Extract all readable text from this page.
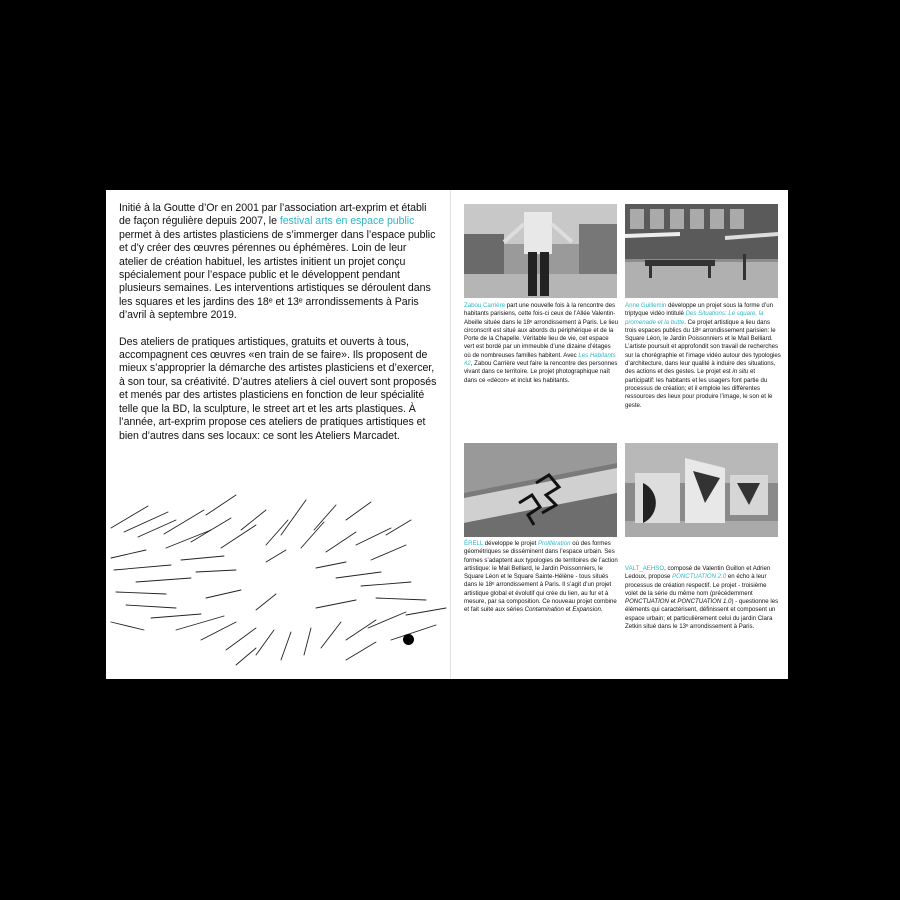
Initié à la Goutte d’Or en 2001 par l’association art-exprim et établi de façon régulière depuis 2007, le festival arts en espace public permet à des artistes plasticiens de s’immerger dans l’espace public et d’y créer des œuvres pérennes ou éphémères. Loin de leur atelier de création habituel, les artistes initient un projet conçu spécialement pour l’espace public et le développent pendant plusieurs semaines. Les interventions artistiques se déroulent dans les squares et les jardins des 18ᵉ et 13ᵉ arrondissements à Paris d’avril à septembre 2019.

Des ateliers de pratiques artistiques, gratuits et ouverts à tous, accompagnent ces œuvres «en train de se faire». Ils proposent de mieux s’approprier la démarche des artistes plasticiens et d’exercer, à son tour, sa créativité. D’autres ateliers à ciel ouvert sont proposés et menés par des artistes plasticiens en fonction de leur spécialité telle que la BD, la sculpture, le street art et les arts plastiques. À l’année, art-exprim propose ces ateliers de pratiques artistiques et bien d’autres dans ses locaux: ce sont les Ateliers Marcadet.

Zabou Carrière part une nouvelle fois à la rencontre des habitants parisiens, cette fois-ci ceux de l’Allée Valentin-Abeille située dans le 18ᵉ arrondissement à Paris. Le lieu circonscrit est situé aux abords du périphérique et de la Porte de la Chapelle. Véritable lieu de vie, cet espace vert est bordé par un immeuble d’une dizaine d’étages où de nombreuses familles habitent. Avec Les Habitants #2, Zabou Carrière veut faire la rencontre des personnes vivant dans ce territoire. Le projet photographique naît dans ce «décor» et inclut les habitants.

Anne Guillemin développe un projet sous la forme d’un triptyque vidéo intitulé Des Situations: Le square, la promenade et la butte. Ce projet artistique a lieu dans trois espaces publics du 18ᵉ arrondissement parisien: le Square Léon, le Jardin Poissonniers et le Mail Belliard. L’artiste poursuit et approfondit son travail de recherches sur la chorégraphie et l’image vidéo autour des typologies d’architecture, dans leur qualité à induire des situations, des actions et des gestes. Le projet est in situ et participatif: les habitants et les usagers font partie du processus de création; et il emploie les différentes ressources des lieux pour produire l’image, le son et le geste.

ÉRELL développe le projet Prolifération où des formes géométriques se disséminent dans l’espace urbain. Ses formes s’adaptent aux typologies de territoires de l’action artistique: le Mail Belliard, le Jardin Poissonniers, le Square Léon et le Square Sainte-Hélène - tous situés dans le 18ᵉ arrondissement à Paris. Il s’agit d’un projet artistique global et évolutif qui crée du lien, au fur et à mesure, par sa composition. Ce nouveau projet combine et fait suite aux séries Contamination et Expansion.

VALT_AEHSO, composé de Valentin Guillon et Adrien Ledoux, propose PONCTUATION 2.0 en écho à leur processus de création respectif. Le projet - troisième volet de la série du même nom (précédemment PONCTUATION et PONCTUATION 1.0) - questionne les éléments qui caractérisent, définissent et composent un espace urbain; et particulièrement celui du jardin Clara Zetkin situé dans le 13ᵉ arrondissement à Paris.
